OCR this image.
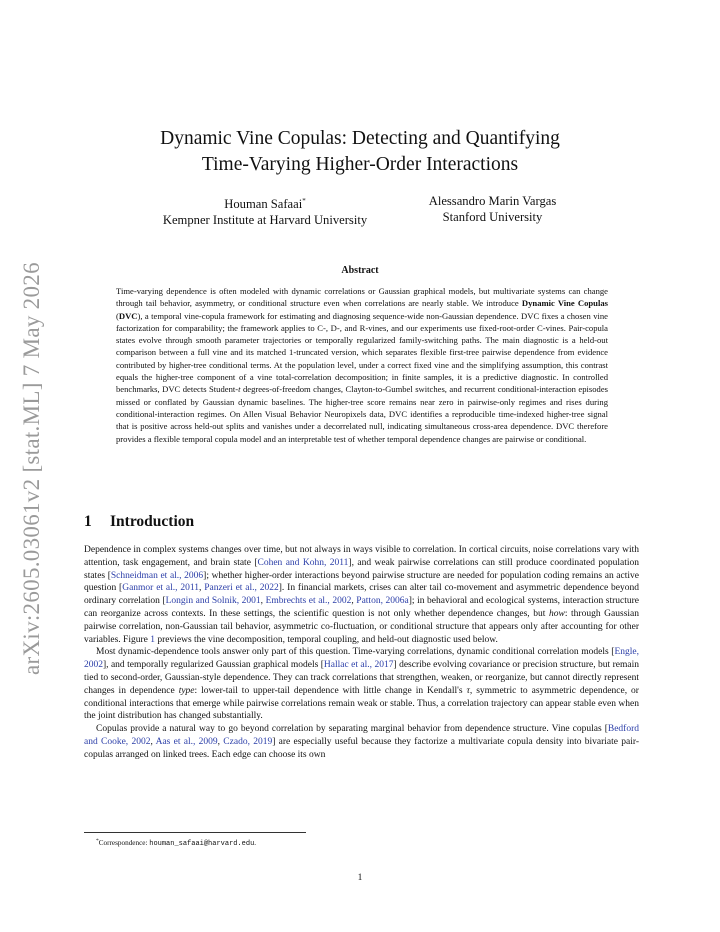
arXiv:2605.03061v2 [stat.ML] 7 May 2026
Dynamic Vine Copulas: Detecting and Quantifying
Time-Varying Higher-Order Interactions
Houman Safaai*
Kempner Institute at Harvard University
Alessandro Marin Vargas
Stanford University
Abstract

Time-varying dependence is often modeled with dynamic correlations or Gaussian graphical models, but multivariate systems can change through tail behavior, asymmetry, or conditional structure even when correlations are nearly stable. We introduce Dynamic Vine Copulas (DVC), a temporal vine-copula framework for estimating and diagnosing sequence-wide non-Gaussian dependence. DVC fixes a chosen vine factorization for comparability; the framework applies to C-, D-, and R-vines, and our experiments use fixed-root-order C-vines. Pair-copula states evolve through smooth parameter trajectories or temporally regularized family-switching paths. The main diagnostic is a held-out comparison between a full vine and its matched 1-truncated version, which separates flexible first-tree pairwise dependence from evidence contributed by higher-tree conditional terms. At the population level, under a correct fixed vine and the simplifying assumption, this contrast equals the higher-tree component of a vine total-correlation decomposition; in finite samples, it is a predictive diagnostic. In controlled benchmarks, DVC detects Student-t degrees-of-freedom changes, Clayton-to-Gumbel switches, and recurrent conditional-interaction episodes missed or conflated by Gaussian dynamic baselines. The higher-tree score remains near zero in pairwise-only regimes and rises during conditional-interaction regimes. On Allen Visual Behavior Neuropixels data, DVC identifies a reproducible time-indexed higher-tree signal that is positive across held-out splits and vanishes under a decorrelated null, indicating simultaneous cross-area dependence. DVC therefore provides a flexible temporal copula model and an interpretable test of whether temporal dependence changes are pairwise or conditional.

1 Introduction

Dependence in complex systems changes over time, but not always in ways visible to correlation. In cortical circuits, noise correlations vary with attention, task engagement, and brain state [Cohen and Kohn, 2011], and weak pairwise correlations can still produce coordinated population states [Schneidman et al., 2006]; whether higher-order interactions beyond pairwise structure are needed for population coding remains an active question [Ganmor et al., 2011, Panzeri et al., 2022]. In financial markets, crises can alter tail co-movement and asymmetric dependence beyond ordinary correlation [Longin and Solnik, 2001, Embrechts et al., 2002, Patton, 2006a]; in behavioral and ecological systems, interaction structure can reorganize across contexts. In these settings, the scientific question is not only whether dependence changes, but how: through Gaussian pairwise correlation, non-Gaussian tail behavior, asymmetric co-fluctuation, or conditional structure that appears only after accounting for other variables. Figure 1 previews the vine decomposition, temporal coupling, and held-out diagnostic used below.

Most dynamic-dependence tools answer only part of this question. Time-varying correlations, dynamic conditional correlation models [Engle, 2002], and temporally regularized Gaussian graphical models [Hallac et al., 2017] describe evolving covariance or precision structure, but remain tied to second-order, Gaussian-style dependence. They can track correlations that strengthen, weaken, or reorganize, but cannot directly represent changes in dependence type: lower-tail to upper-tail dependence with little change in Kendall's τ, symmetric to asymmetric dependence, or conditional interactions that emerge while pairwise correlations remain weak or stable. Thus, a correlation trajectory can appear stable even when the joint distribution has changed substantially.

Copulas provide a natural way to go beyond correlation by separating marginal behavior from dependence structure. Vine copulas [Bedford and Cooke, 2002, Aas et al., 2009, Czado, 2019] are especially useful because they factorize a multivariate copula density into bivariate pair-copulas arranged on linked trees. Each edge can choose its own

*Correspondence: houman_safaai@harvard.edu.
1
